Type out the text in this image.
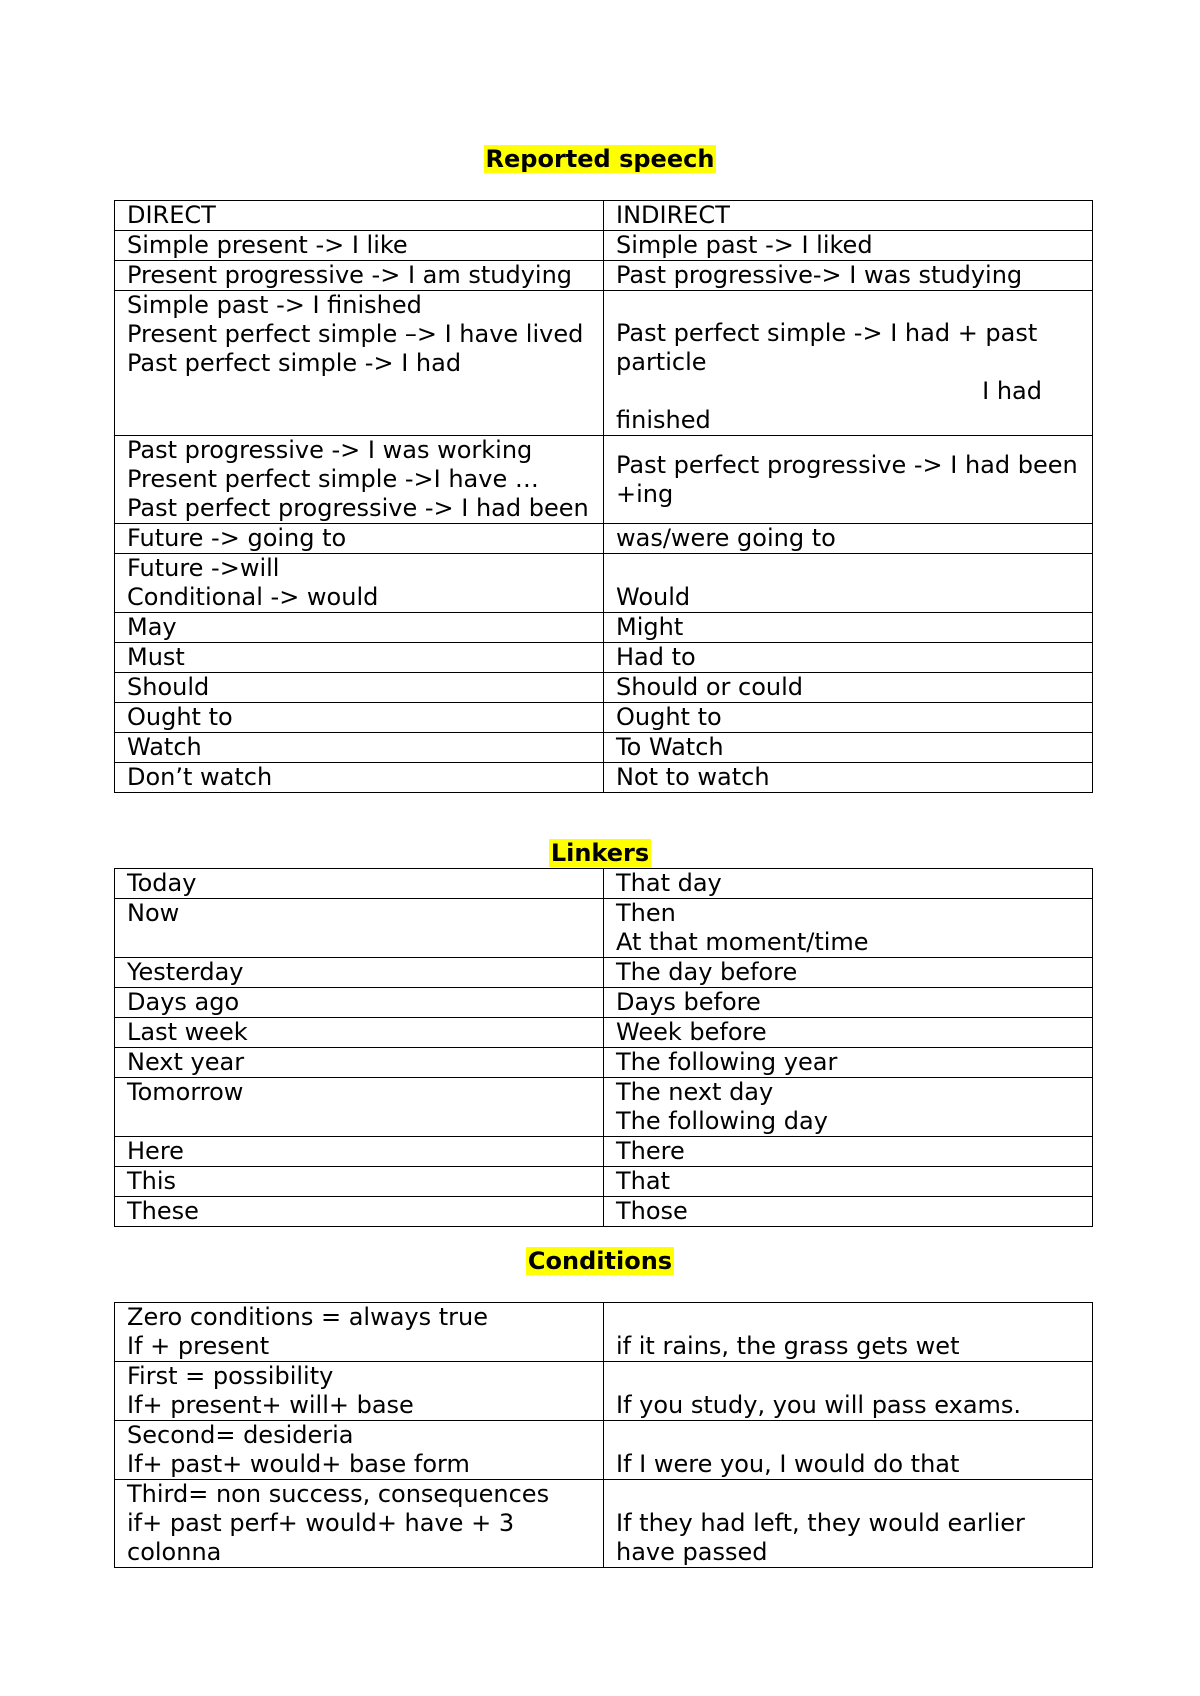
Reported speech
DIRECT	INDIRECT

Simple present -> I like	Simple past -> I liked

Present progressive -> I am studying	Past progressive-> I was studying

Simple past -> I finished
Present perfect simple –> I have lived
Past perfect simple -> I had	Past perfect simple -> I had + past particle
I had
finished

Past progressive -> I was working
Present perfect simple ->I have …
Past perfect progressive -> I had been	Past perfect progressive -> I had been +ing

Future -> going to	was/were going to

Future ->will
Conditional -> would	Would

May	Might

Must	Had to

Should	Should or could

Ought to	Ought to

Watch	To Watch

Don’t watch	Not to watch
Linkers
Today	That day

Now	Then
At that moment/time

Yesterday	The day before

Days ago	Days before

Last week	Week before

Next year	The following year

Tomorrow	The next day
The following day

Here	There

This	That

These	Those
Conditions
Zero conditions = always true
If + present	if it rains, the grass gets wet

First = possibility
If+ present+ will+ base	If you study, you will pass exams.

Second= desideria
If+ past+ would+ base form	If I were you, I would do that

Third= non success, consequences
if+ past perf+ would+ have + 3 colonna	If they had left, they would earlier have passed
